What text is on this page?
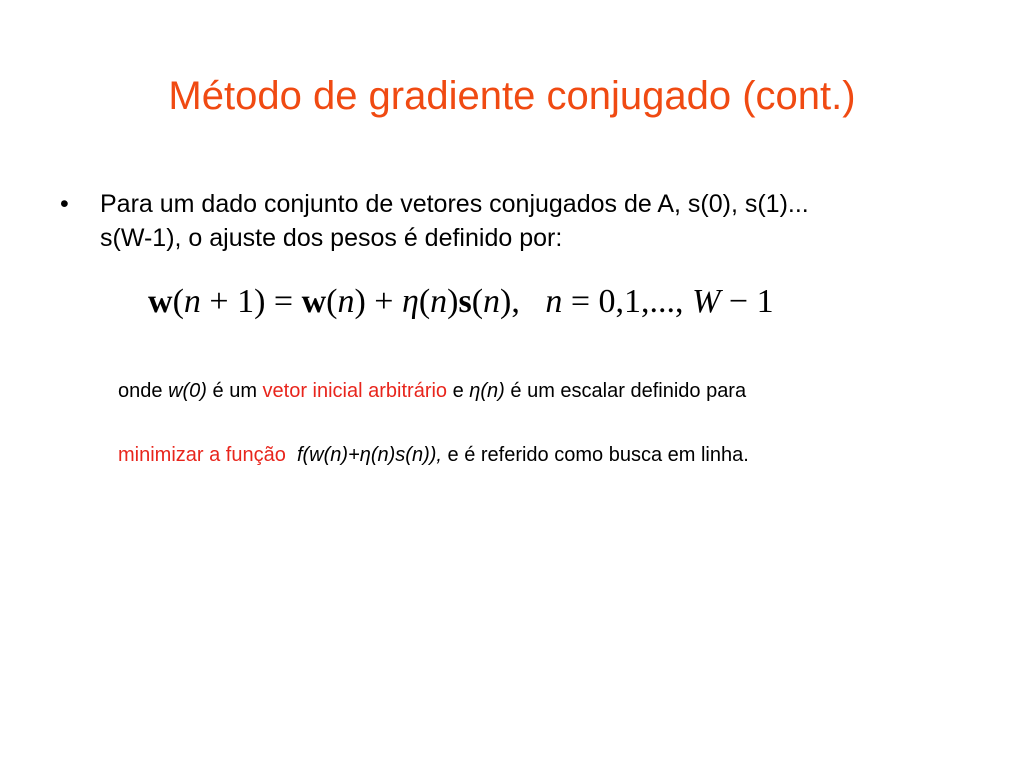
Método de gradiente conjugado (cont.)
• Para um dado conjunto de vetores conjugados de A, s(0), s(1)...
s(W-1), o ajuste dos pesos é definido por:
w(n + 1) = w(n) + η(n)s(n),   n = 0,1,..., W − 1
onde w(0) é um vetor inicial arbitrário e η(n) é um escalar definido para
minimizar a função  f(w(n)+η(n)s(n)), e é referido como busca em linha.
